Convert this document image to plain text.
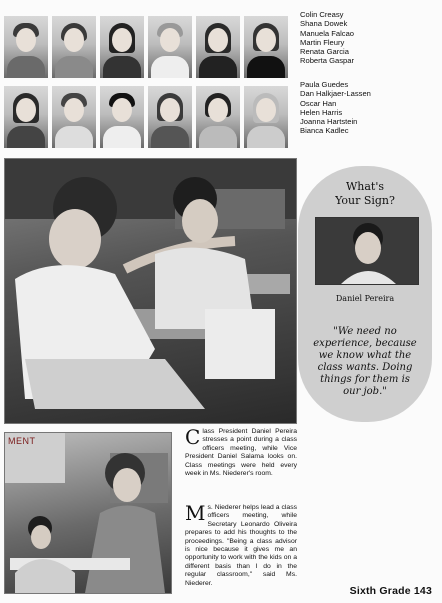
Colin Creasy
Shana Dowek
Manuela Falcao
Martin Fleury
Renata Garcia
Roberta Gaspar
Paula Guedes
Dan Halkjaer-Lassen
Oscar Han
Helen Harris
Joanna Hartstein
Bianca Kadlec
What's
Your Sign?
Daniel Pereira
"We need no experience, because we know what the class wants. Doing things for them is our job."
Class President Daniel Pereira stresses a point during a class officers meeting, while Vice President Daniel Salama looks on. Class meetings were held every week in Ms. Niederer's room.
MENT
Ms. Niederer helps lead a class officers meeting, while Secretary Leonardo Oliveira prepares to add his thoughts to the proceedings. "Being a class advisor is nice because it gives me an opportunity to work with the kids on a different basis than I do in the regular classroom," said Ms. Niederer.
Sixth Grade 143
